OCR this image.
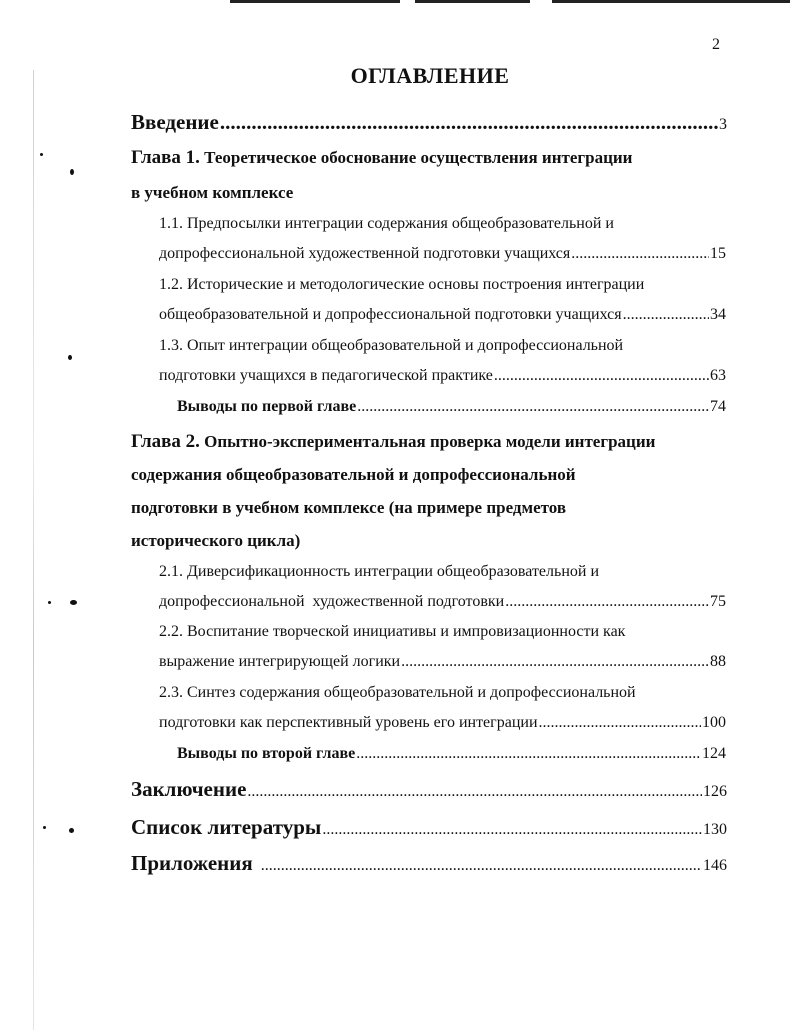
2
ОГЛАВЛЕНИЕ
Введение .....	3
Глава 1. Теоретическое обоснование осуществления интеграции
в учебном комплексе
1.1. Предпосылки интеграции содержания общеобразовательной и
допрофессиональной художественной подготовки учащихся .....	15
1.2. Исторические и методологические основы построения интеграции
общеобразовательной и допрофессиональной подготовки учащихся .....	34
1.3. Опыт интеграции общеобразовательной и допрофессиональной
подготовки учащихся в педагогической практике .....	63
Выводы по первой главе .....	74
Глава 2. Опытно-экспериментальная проверка модели интеграции
содержания общеобразовательной и допрофессиональной
подготовки в учебном комплексе (на примере предметов
исторического цикла)
2.1. Диверсификационность интеграции общеобразовательной и
допрофессиональной  художественной подготовки .....	75
2.2. Воспитание творческой инициативы и импровизационности как
выражение интегрирующей логики .....	88
2.3. Синтез содержания общеобразовательной и допрофессиональной
подготовки как перспективный уровень его интеграции .....	100
Выводы по второй главе .....	124
Заключение .....	126
Список литературы .....	130
Приложения .....	146
